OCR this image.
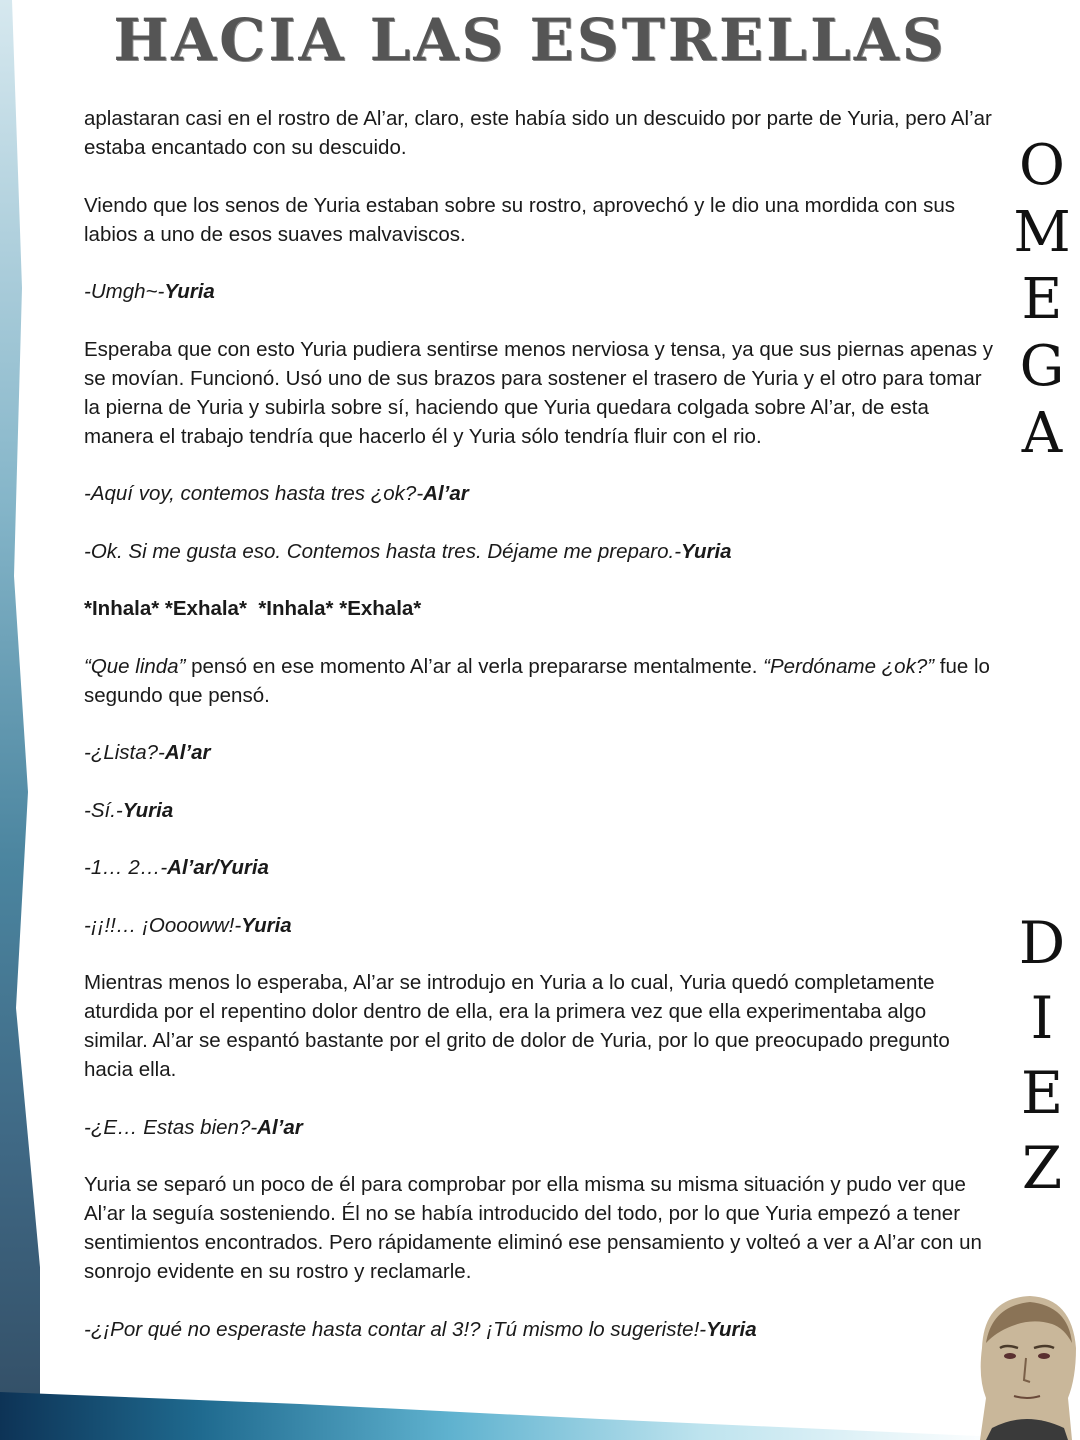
HACIA LAS ESTRELLAS

aplastaran casi en el rostro de Al’ar, claro, este había sido un descuido por parte de Yuria, pero Al’ar estaba encantado con su descuido.

Viendo que los senos de Yuria estaban sobre su rostro, aprovechó y le dio una mordida con sus labios a uno de esos suaves malvaviscos.

-Umgh~-Yuria

Esperaba que con esto Yuria pudiera sentirse menos nerviosa y tensa, ya que sus piernas apenas y se movían. Funcionó. Usó uno de sus brazos para sostener el trasero de Yuria y el otro para tomar la pierna de Yuria y subirla sobre sí, haciendo que Yuria quedara colgada sobre Al’ar, de esta manera el trabajo tendría que hacerlo él y Yuria sólo tendría fluir con el rio.

-Aquí voy, contemos hasta tres ¿ok?-Al’ar

-Ok. Si me gusta eso. Contemos hasta tres. Déjame me preparo.-Yuria

*Inhala* *Exhala*  *Inhala* *Exhala*

“Que linda” pensó en ese momento Al’ar al verla prepararse mentalmente. “Perdóname ¿ok?” fue lo segundo que pensó.

-¿Lista?-Al’ar

-Sí.-Yuria

-1… 2…-Al’ar/Yuria

-¡¡!!… ¡Ooooww!-Yuria

Mientras menos lo esperaba, Al’ar se introdujo en Yuria a lo cual, Yuria quedó completamente aturdida por el repentino dolor dentro de ella, era la primera vez que ella experimentaba algo similar. Al’ar se espantó bastante por el grito de dolor de Yuria, por lo que preocupado pregunto hacia ella.

-¿E… Estas bien?-Al’ar

Yuria se separó un poco de él para comprobar por ella misma su misma situación y pudo ver que Al’ar la seguía sosteniendo. Él no se había introducido del todo, por lo que Yuria empezó a tener sentimientos encontrados. Pero rápidamente eliminó ese pensamiento y volteó a ver a Al’ar con un sonrojo evidente en su rostro y reclamarle.

-¿¡Por qué no esperaste hasta contar al 3!? ¡Tú mismo lo sugeriste!-Yuria

O
M
E
G
A
D
I
E
Z
